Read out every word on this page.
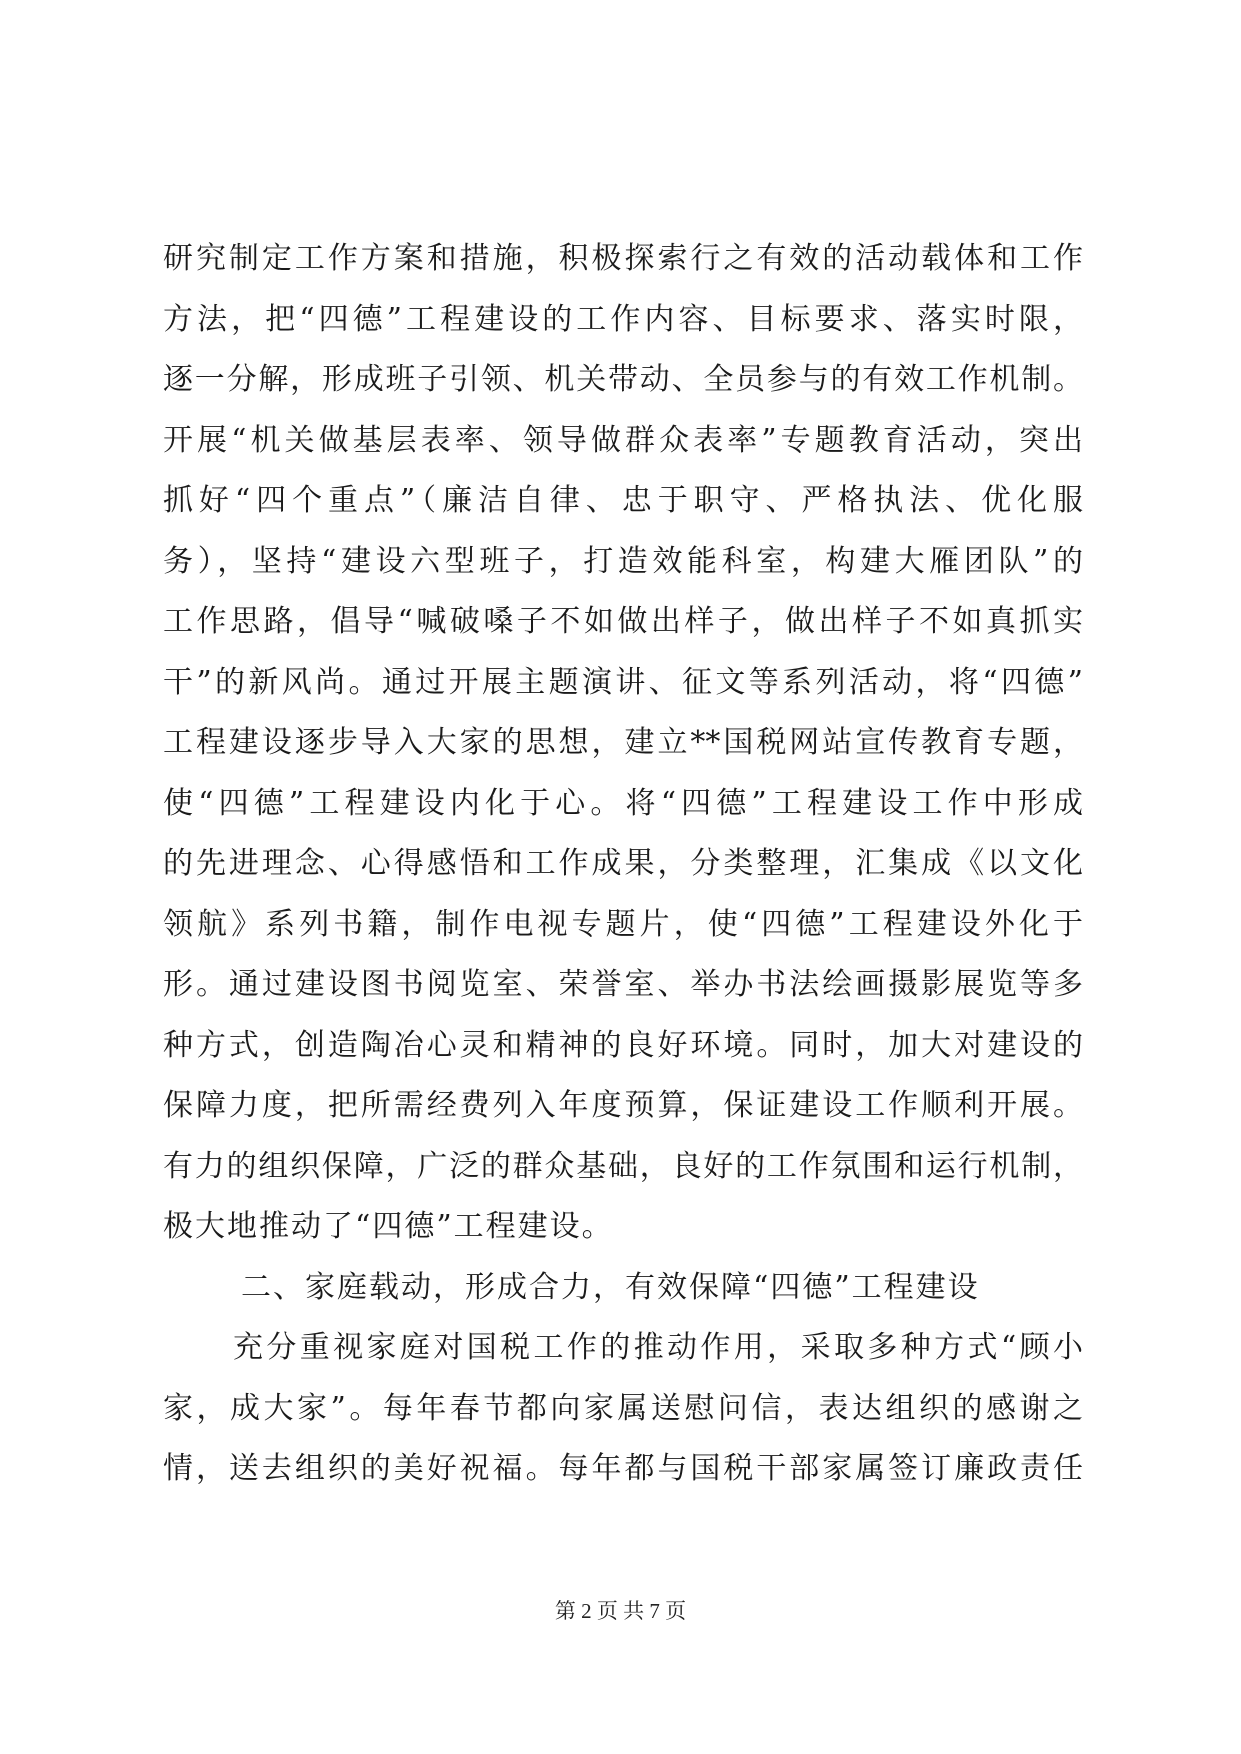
研究制定工作方案和措施，积极探索行之有效的活动载体和工作
方法，把“四德”工程建设的工作内容、目标要求、落实时限，
逐一分解，形成班子引领、机关带动、全员参与的有效工作机制。
开展“机关做基层表率、领导做群众表率”专题教育活动，突出
抓好“四个重点”（廉洁自律、忠于职守、严格执法、优化服
务），坚持“建设六型班子，打造效能科室，构建大雁团队”的
工作思路，倡导“喊破嗓子不如做出样子，做出样子不如真抓实
干”的新风尚。通过开展主题演讲、征文等系列活动，将“四德”
工程建设逐步导入大家的思想，建立**国税网站宣传教育专题，
使“四德”工程建设内化于心。将“四德”工程建设工作中形成
的先进理念、心得感悟和工作成果，分类整理，汇集成《以文化
领航》系列书籍，制作电视专题片，使“四德”工程建设外化于
形。通过建设图书阅览室、荣誉室、举办书法绘画摄影展览等多
种方式，创造陶冶心灵和精神的良好环境。同时，加大对建设的
保障力度，把所需经费列入年度预算，保证建设工作顺利开展。
有力的组织保障，广泛的群众基础，良好的工作氛围和运行机制，
极大地推动了“四德”工程建设。
二、家庭载动，形成合力，有效保障“四德”工程建设
充分重视家庭对国税工作的推动作用，采取多种方式“顾小
家，成大家”。每年春节都向家属送慰问信，表达组织的感谢之
情，送去组织的美好祝福。每年都与国税干部家属签订廉政责任
第 2 页 共 7 页
